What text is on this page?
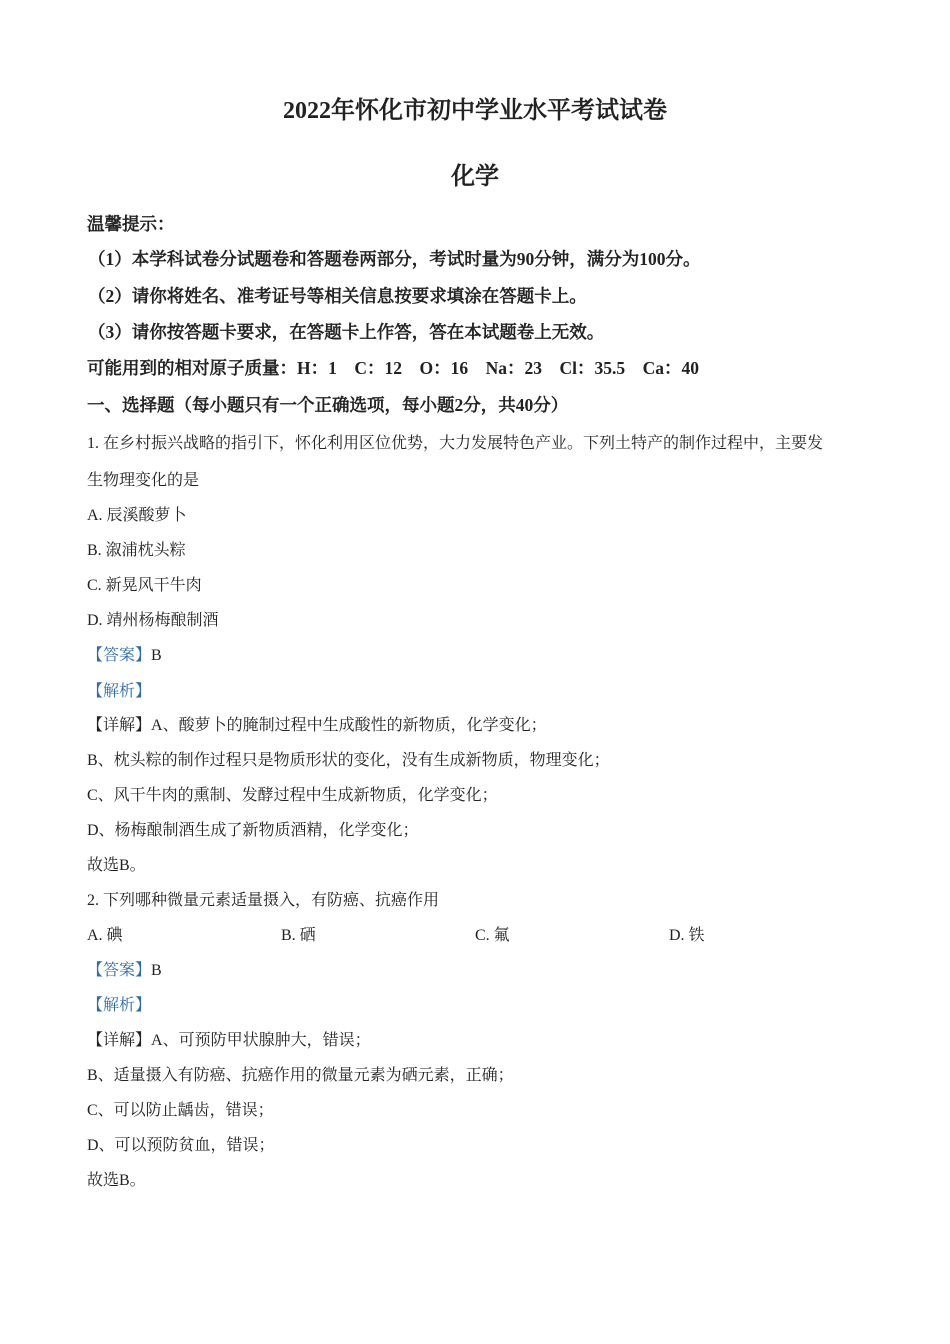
2022年怀化市初中学业水平考试试卷
化学
温馨提示：
（1）本学科试卷分试题卷和答题卷两部分，考试时量为90分钟，满分为100分。
（2）请你将姓名、准考证号等相关信息按要求填涂在答题卡上。
（3）请你按答题卡要求，在答题卡上作答，答在本试题卷上无效。
可能用到的相对原子质量：H：1　C：12　O：16　Na：23　Cl：35.5　Ca：40
一、选择题（每小题只有一个正确选项，每小题2分，共40分）
1. 在乡村振兴战略的指引下，怀化利用区位优势，大力发展特色产业。下列土特产的制作过程中，主要发
生物理变化的是
A. 辰溪酸萝卜
B. 溆浦枕头粽
C. 新晃风干牛肉
D. 靖州杨梅酿制酒
【答案】B
【解析】
【详解】A、酸萝卜的腌制过程中生成酸性的新物质，化学变化；
B、枕头粽的制作过程只是物质形状的变化，没有生成新物质，物理变化；
C、风干牛肉的熏制、发酵过程中生成新物质，化学变化；
D、杨梅酿制酒生成了新物质酒精，化学变化；
故选B。
2. 下列哪种微量元素适量摄入，有防癌、抗癌作用
A. 碘	B. 硒	C. 氟	D. 铁
【答案】B
【解析】
【详解】A、可预防甲状腺肿大，错误；
B、适量摄入有防癌、抗癌作用的微量元素为硒元素，正确；
C、可以防止龋齿，错误；
D、可以预防贫血，错误；
故选B。
